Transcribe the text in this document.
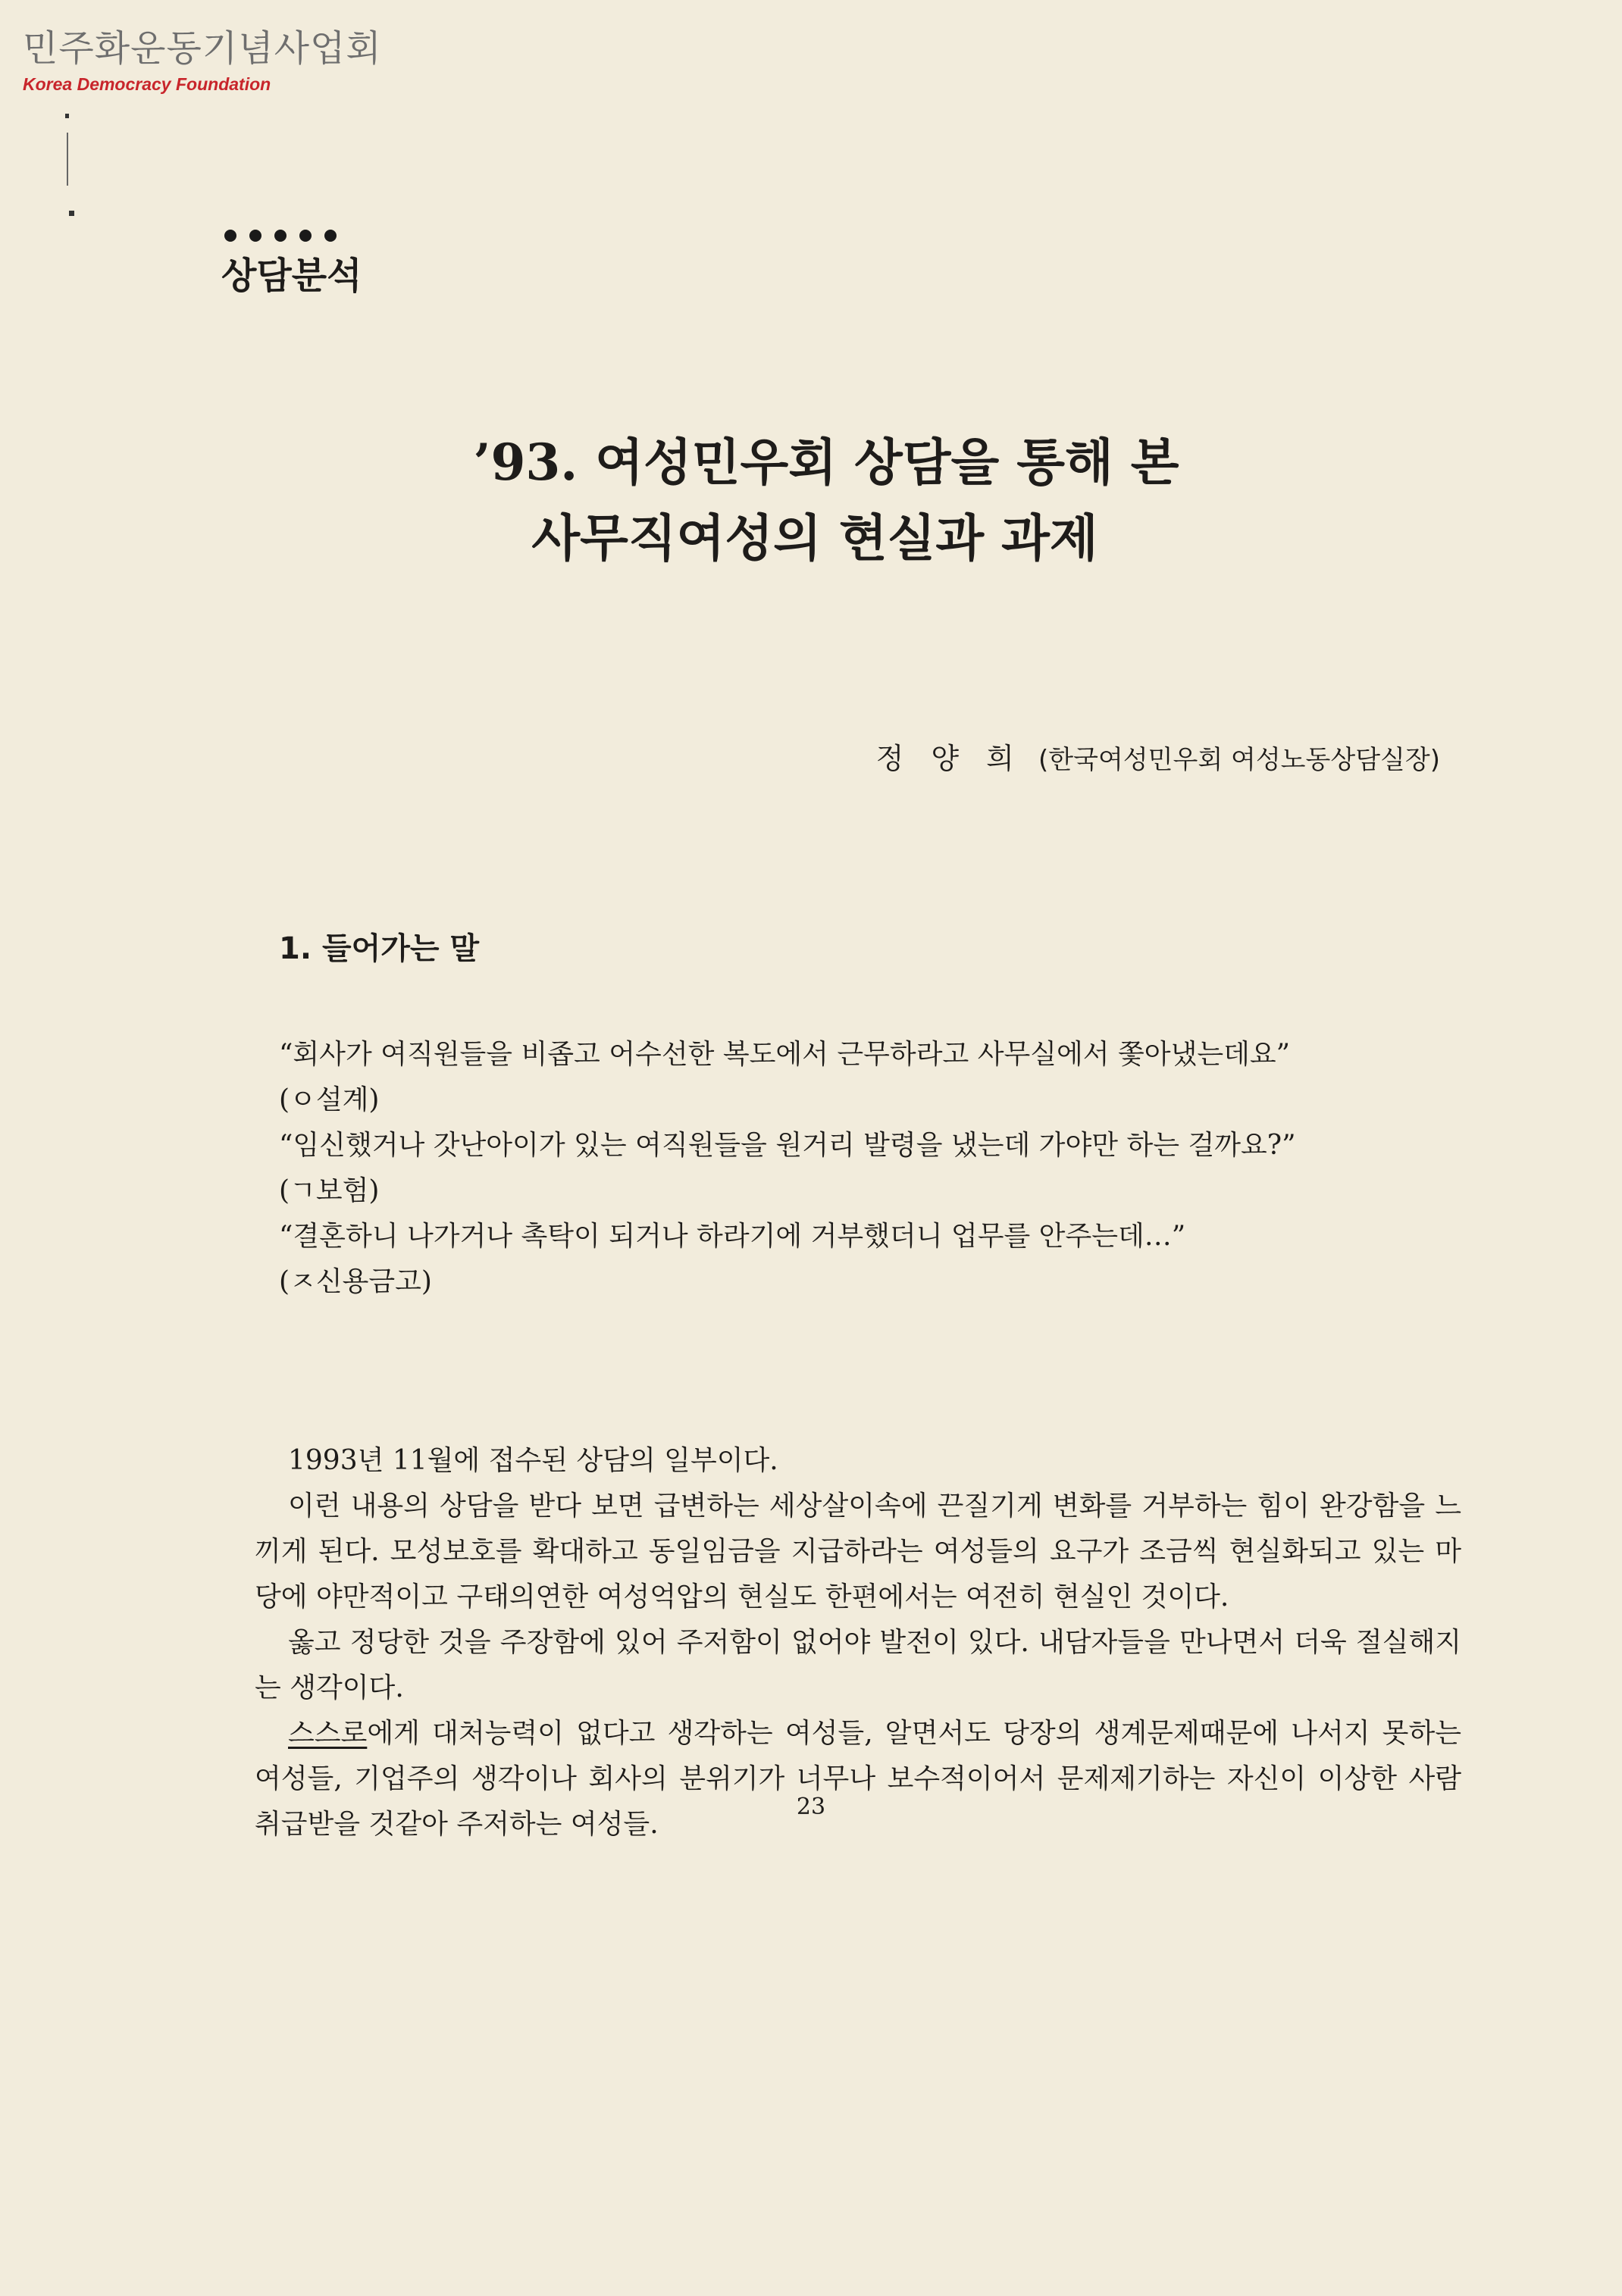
민주화운동기념사업회
Korea Democracy Foundation
상담분석
’93. 여성민우회 상담을 통해 본
사무직여성의 현실과 과제
정 양 희 (한국여성민우회 여성노동상담실장)
1. 들어가는 말

“회사가 여직원들을 비좁고 어수선한 복도에서 근무하라고 사무실에서 쫓아냈는데요”

(ㅇ설계)

“임신했거나 갓난아이가 있는 여직원들을 원거리 발령을 냈는데 가야만 하는 걸까요?”

(ㄱ보험)

“결혼하니 나가거나 촉탁이 되거나 하라기에 거부했더니 업무를 안주는데…”

(ㅈ신용금고)

1993년 11월에 접수된 상담의 일부이다.

이런 내용의 상담을 받다 보면 급변하는 세상살이속에 끈질기게 변화를 거부하는 힘이 완강함을 느끼게 된다. 모성보호를 확대하고 동일임금을 지급하라는 여성들의 요구가 조금씩 현실화되고 있는 마당에 야만적이고 구태의연한 여성억압의 현실도 한편에서는 여전히 현실인 것이다.

옳고 정당한 것을 주장함에 있어 주저함이 없어야 발전이 있다. 내담자들을 만나면서 더욱 절실해지는 생각이다.

스스로에게 대처능력이 없다고 생각하는 여성들, 알면서도 당장의 생계문제때문에 나서지 못하는 여성들, 기업주의 생각이나 회사의 분위기가 너무나 보수적이어서 문제제기하는 자신이 이상한 사람 취급받을 것같아 주저하는 여성들.

23
